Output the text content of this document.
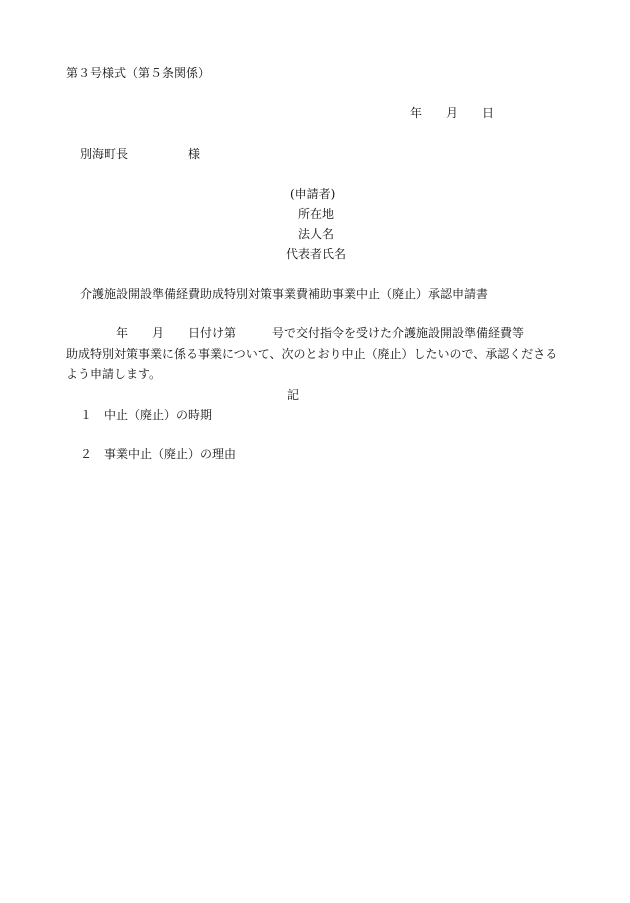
第３号様式（第５条関係）
年　　月　　日
別海町長　　　　　様
(申請者)
所在地
法人名
代表者氏名
介護施設開設準備経費助成特別対策事業費補助事業中止（廃止）承認申請書
年　　月　　日付け第　　　号で交付指令を受けた介護施設開設準備経費等
助成特別対策事業に係る事業について、次のとおり中止（廃止）したいので、承認くださる
よう申請します。
記
１　中止（廃止）の時期
２　事業中止（廃止）の理由
